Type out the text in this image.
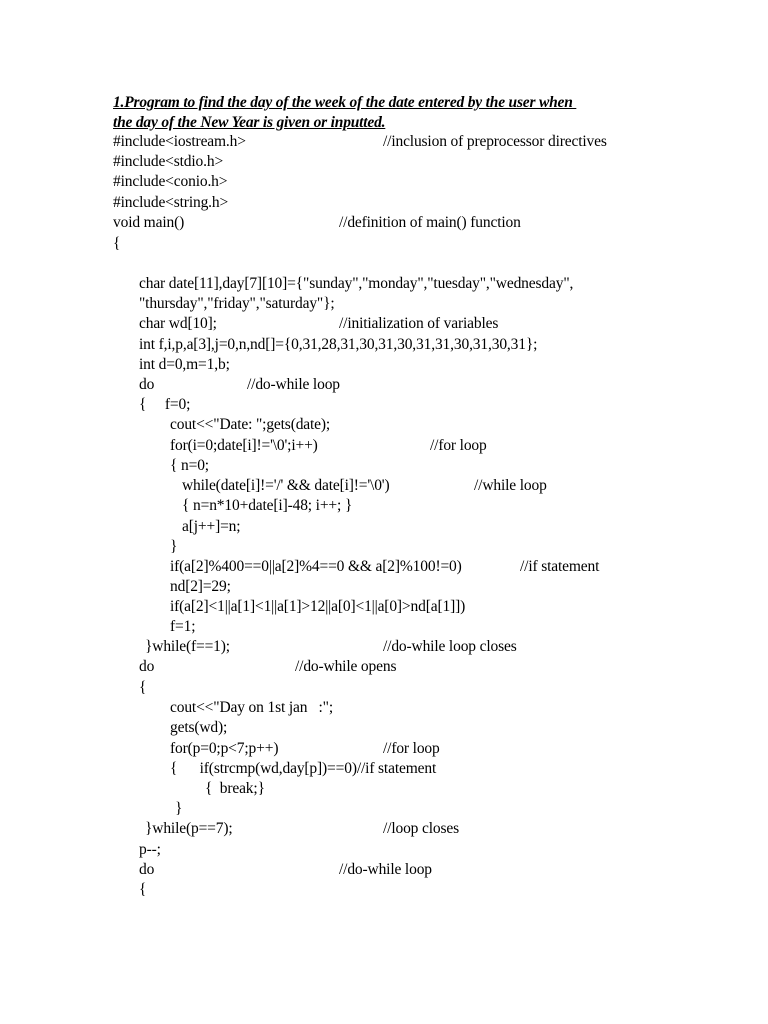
1.Program to find the day of the week of the date entered by the user when
the day of the New Year is given or inputted.
#include<iostream.h>	//inclusion of preprocessor directives
#include<stdio.h>
#include<conio.h>
#include<string.h>
void main()	//definition of main() function
{
char date[11],day[7][10]={"sunday","monday","tuesday","wednesday",
"thursday","friday","saturday"};
char wd[10];	//initialization of variables
int f,i,p,a[3],j=0,n,nd[]={0,31,28,31,30,31,30,31,31,30,31,30,31};
int d=0,m=1,b;
do	//do-while loop
{     f=0;
cout<<"Date: ";gets(date);
for(i=0;date[i]!='\0';i++)	//for loop
{ n=0;
while(date[i]!='/' && date[i]!='\0')	//while loop
{ n=n*10+date[i]-48; i++; }
a[j++]=n;
}
if(a[2]%400==0||a[2]%4==0 && a[2]%100!=0)	//if statement
nd[2]=29;
if(a[2]<1||a[1]<1||a[1]>12||a[0]<1||a[0]>nd[a[1]])
f=1;
}while(f==1);	//do-while loop closes
do	//do-while opens
{
cout<<"Day on 1st jan   :";
gets(wd);
for(p=0;p<7;p++)	//for loop
{      if(strcmp(wd,day[p])==0)//if statement
{  break;}
}
}while(p==7);	//loop closes
p--;
do	//do-while loop
{
